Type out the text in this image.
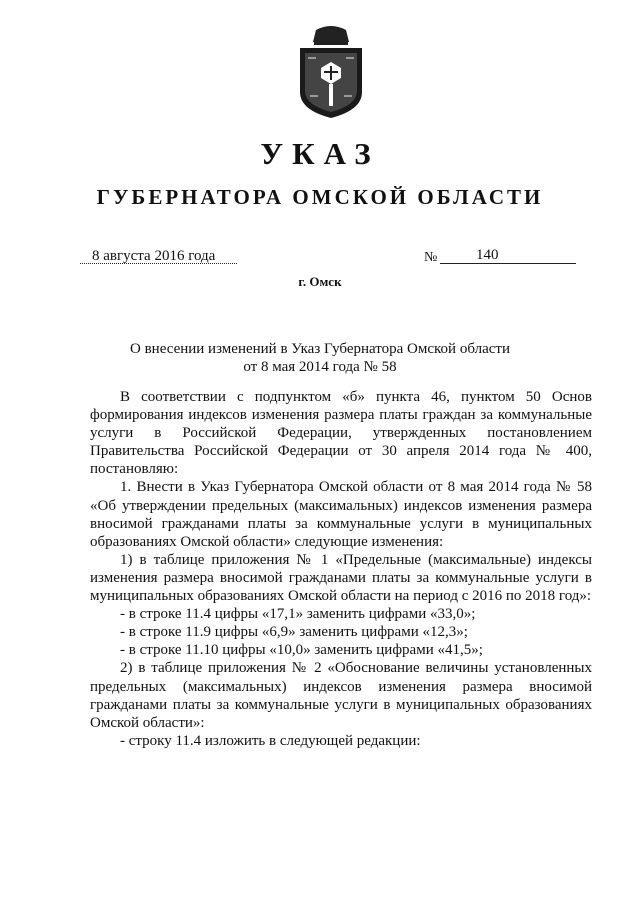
УКАЗ
ГУБЕРНАТОРА ОМСКОЙ ОБЛАСТИ
8 августа 2016 года	№	140
г. Омск
О внесении изменений в Указ Губернатора Омской области
от 8 мая 2014 года № 58

В соответствии с подпунктом «б» пункта 46, пунктом 50 Основ формирования индексов изменения размера платы граждан за коммунальные услуги в Российской Федерации, утвержденных постановлением Правительства Российской Федерации от 30 апреля 2014 года № 400, постановляю:

1. Внести в Указ Губернатора Омской области от 8 мая 2014 года № 58 «Об утверждении предельных (максимальных) индексов изменения размера вносимой гражданами платы за коммунальные услуги в муниципальных образованиях Омской области» следующие изменения:

1) в таблице приложения № 1 «Предельные (максимальные) индексы изменения размера вносимой гражданами платы за коммунальные услуги в муниципальных образованиях Омской области на период с 2016 по 2018 год»:

- в строке 11.4 цифры «17,1» заменить цифрами «33,0»;

- в строке 11.9 цифры «6,9» заменить цифрами «12,3»;

- в строке 11.10 цифры «10,0» заменить цифрами «41,5»;

2) в таблице приложения № 2 «Обоснование величины установленных предельных (максимальных) индексов изменения размера вносимой гражданами платы за коммунальные услуги в муниципальных образованиях Омской области»:

- строку 11.4 изложить в следующей редакции:
